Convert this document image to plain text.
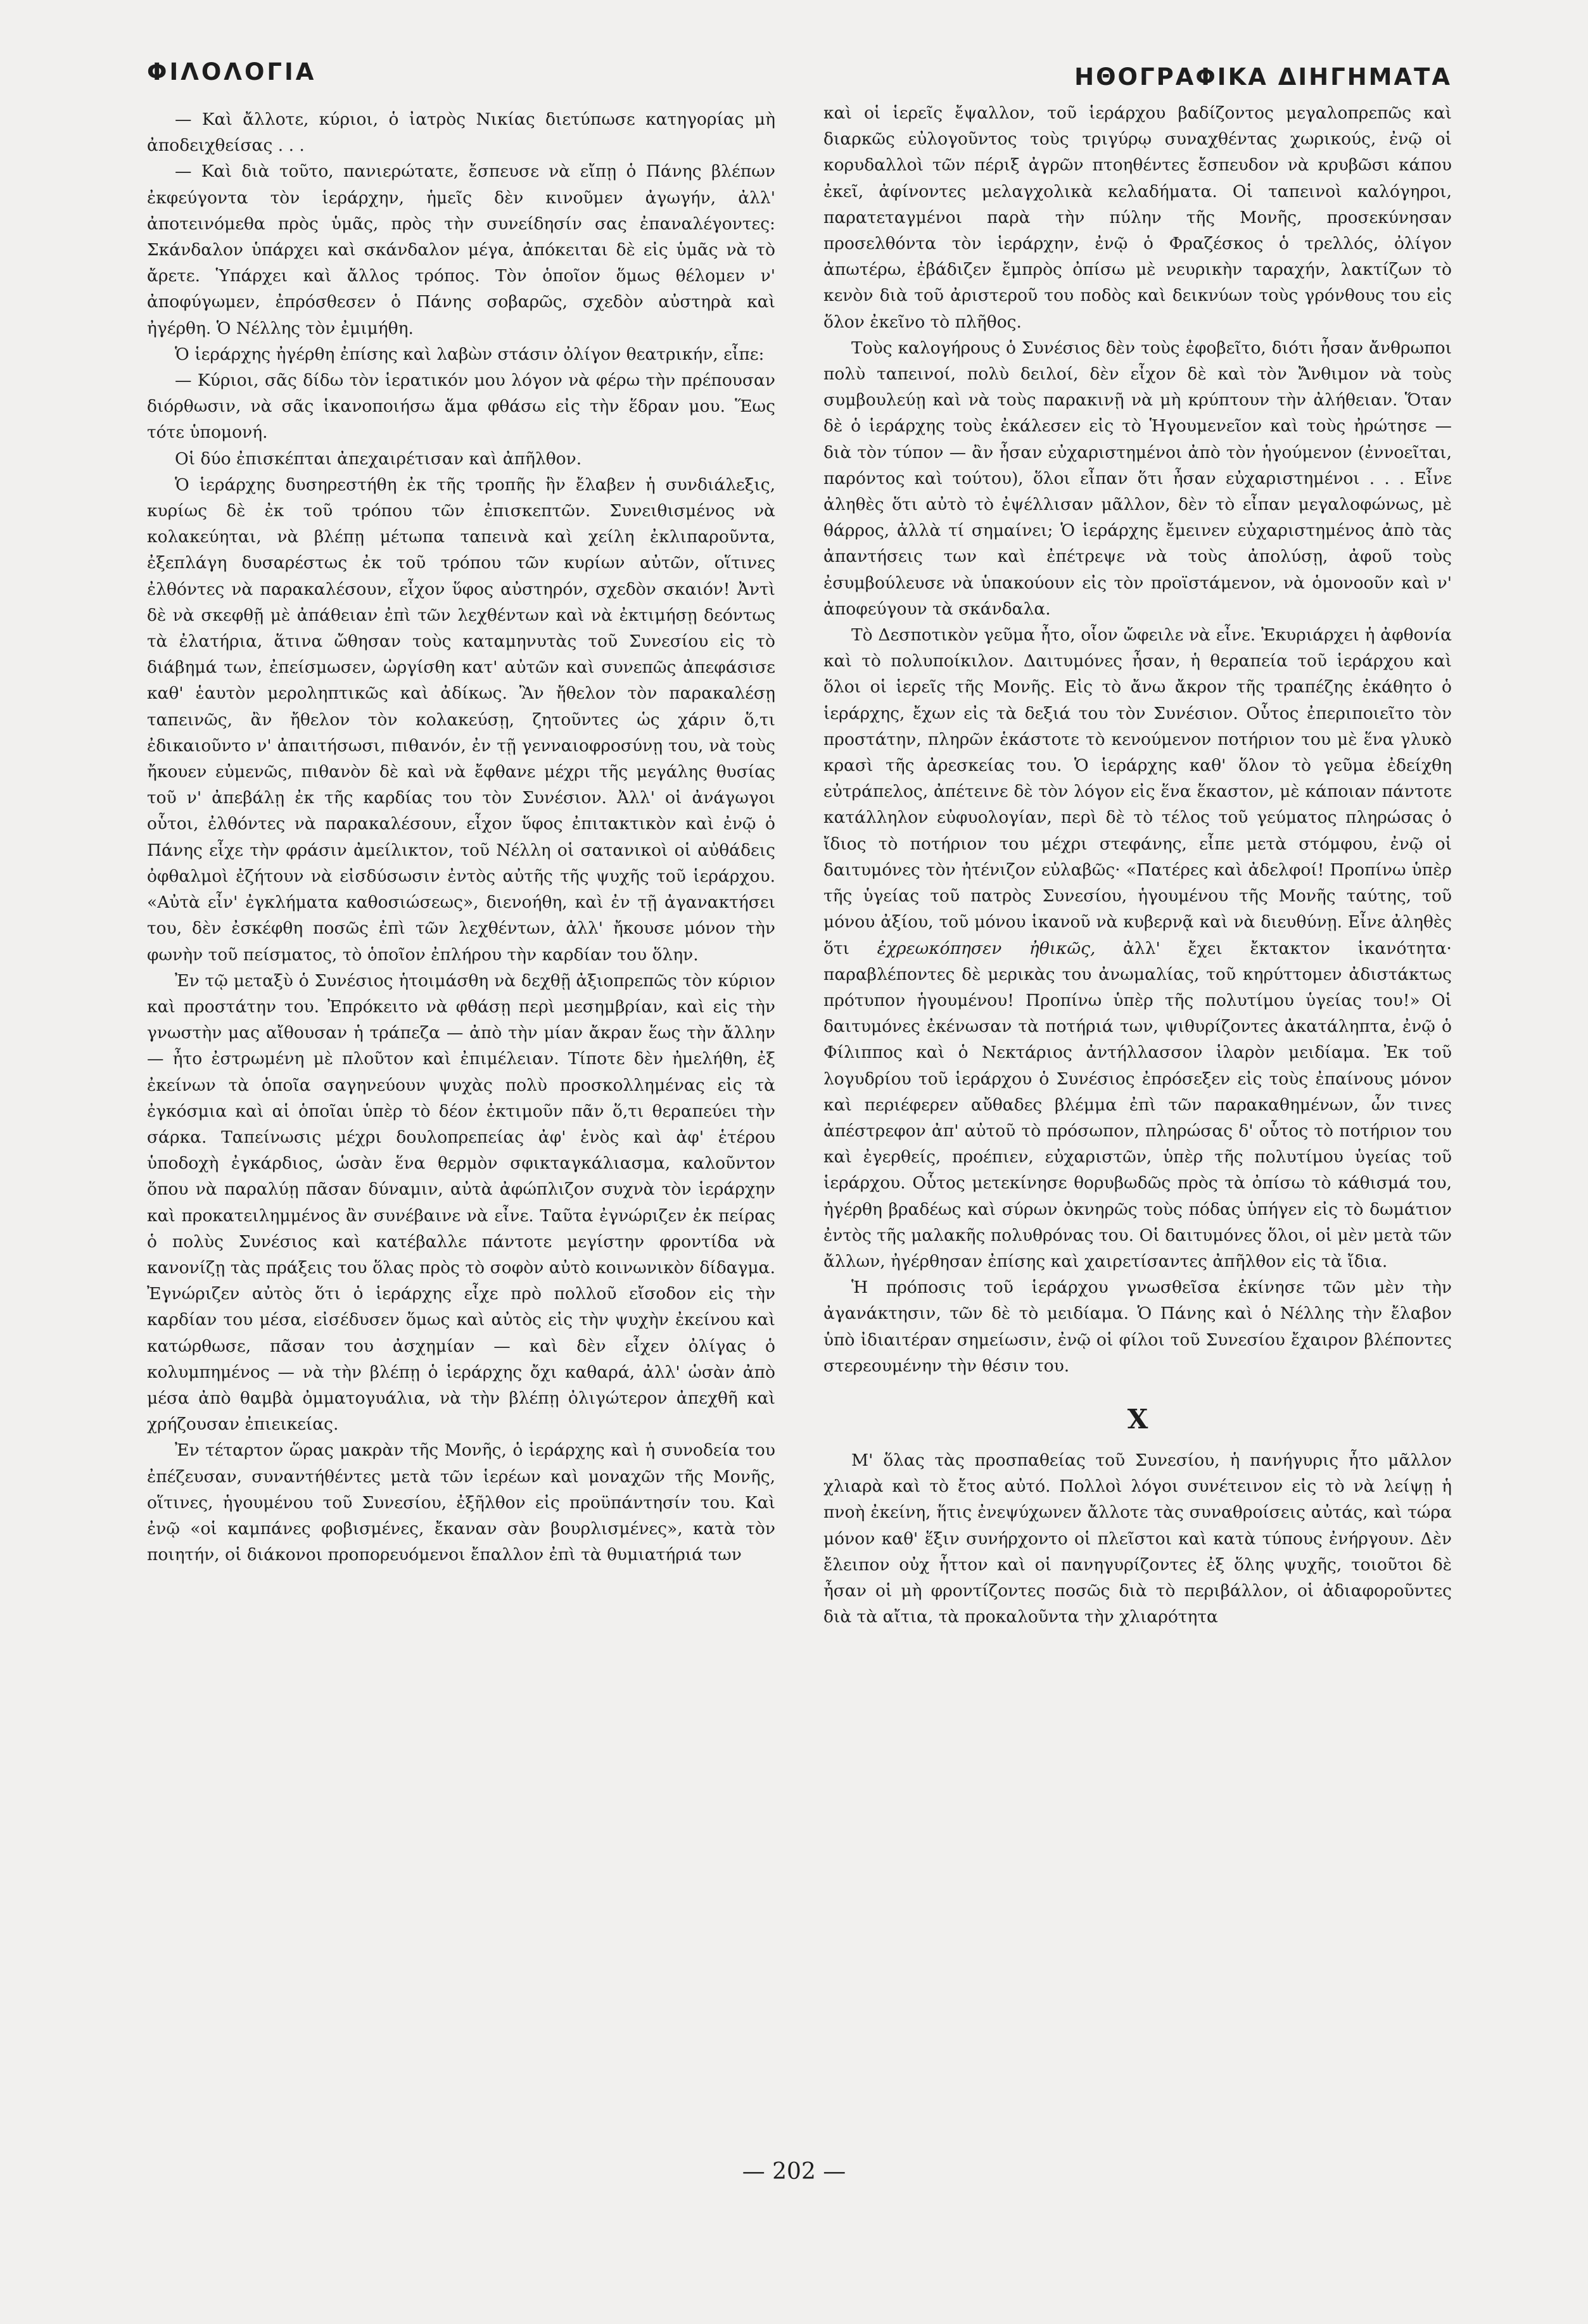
ΦΙΛΟΛΟΓΙΑ	ΗΘΟΓΡΑΦΙΚΑ ΔΙΗΓΗΜΑΤΑ

— Καὶ ἄλλοτε, κύριοι, ὁ ἰατρὸς Νικίας διετύπωσε κατηγορίας μὴ ἀποδειχθείσας . . .

— Καὶ διὰ τοῦτο, πανιερώτατε, ἔσπευσε νὰ εἴπῃ ὁ Πάνης βλέπων ἐκφεύγοντα τὸν ἱεράρχην, ἡμεῖς δὲν κινοῦμεν ἀγωγήν, ἀλλ' ἀποτεινόμεθα πρὸς ὑμᾶς, πρὸς τὴν συνείδησίν σας ἐπαναλέγοντες: Σκάνδαλον ὑπάρχει καὶ σκάνδαλον μέγα, ἀπόκειται δὲ εἰς ὑμᾶς νὰ τὸ ἄρετε. Ὑπάρχει καὶ ἄλλος τρόπος. Τὸν ὁποῖον ὅμως θέλομεν ν' ἀποφύγωμεν, ἐπρόσθεσεν ὁ Πάνης σοβαρῶς, σχεδὸν αὐστηρὰ καὶ ἠγέρθη. Ὁ Νέλλης τὸν ἐμιμήθη.

Ὁ ἱεράρχης ἠγέρθη ἐπίσης καὶ λαβὼν στάσιν ὀλίγον θεατρικήν, εἶπε:

— Κύριοι, σᾶς δίδω τὸν ἱερατικόν μου λόγον νὰ φέρω τὴν πρέπουσαν διόρθωσιν, νὰ σᾶς ἱκανοποιήσω ἅμα φθάσω εἰς τὴν ἕδραν μου. Ἕως τότε ὑπομονή.

Οἱ δύο ἐπισκέπται ἀπεχαιρέτισαν καὶ ἀπῆλθον.

Ὁ ἱεράρχης δυσηρεστήθη ἐκ τῆς τροπῆς ἣν ἔλαβεν ἡ συνδιάλεξις, κυρίως δὲ ἐκ τοῦ τρόπου τῶν ἐπισκεπτῶν. Συνειθισμένος νὰ κολακεύηται, νὰ βλέπῃ μέτωπα ταπεινὰ καὶ χείλη ἐκλιπαροῦντα, ἐξεπλάγη δυσαρέστως ἐκ τοῦ τρόπου τῶν κυρίων αὐτῶν, οἵτινες ἐλθόντες νὰ παρακαλέσουν, εἶχον ὕφος αὐστηρόν, σχεδὸν σκαιόν! Ἀντὶ δὲ νὰ σκεφθῇ μὲ ἀπάθειαν ἐπὶ τῶν λεχθέντων καὶ νὰ ἐκτιμήσῃ δεόντως τὰ ἐλατήρια, ἅτινα ὤθησαν τοὺς καταμηνυτὰς τοῦ Συνεσίου εἰς τὸ διάβημά των, ἐπείσμωσεν, ὠργίσθη κατ' αὐτῶν καὶ συνεπῶς ἀπεφάσισε καθ' ἑαυτὸν μεροληπτικῶς καὶ ἀδίκως. Ἂν ἤθελον τὸν παρακαλέσῃ ταπεινῶς, ἂν ἤθελον τὸν κολακεύσῃ, ζητοῦντες ὡς χάριν ὅ,τι ἐδικαιοῦντο ν' ἀπαιτήσωσι, πιθανόν, ἐν τῇ γενναιοφροσύνῃ του, νὰ τοὺς ἤκουεν εὐμενῶς, πιθανὸν δὲ καὶ νὰ ἔφθανε μέχρι τῆς μεγάλης θυσίας τοῦ ν' ἀπεβάλῃ ἐκ τῆς καρδίας του τὸν Συνέσιον. Ἀλλ' οἱ ἀνάγωγοι οὗτοι, ἐλθόντες νὰ παρακαλέσουν, εἶχον ὕφος ἐπιτακτικὸν καὶ ἐνῷ ὁ Πάνης εἶχε τὴν φράσιν ἀμείλικτον, τοῦ Νέλλη οἱ σατανικοὶ οἱ αὐθάδεις ὀφθαλμοὶ ἐζήτουν νὰ εἰσδύσωσιν ἐντὸς αὐτῆς τῆς ψυχῆς τοῦ ἱεράρχου. «Αὐτὰ εἶν' ἐγκλήματα καθοσιώσεως», διενοήθη, καὶ ἐν τῇ ἀγανακτήσει του, δὲν ἐσκέφθη ποσῶς ἐπὶ τῶν λεχθέντων, ἀλλ' ἤκουσε μόνον τὴν φωνὴν τοῦ πείσματος, τὸ ὁποῖον ἐπλήρου τὴν καρδίαν του ὅλην.

Ἐν τῷ μεταξὺ ὁ Συνέσιος ἡτοιμάσθη νὰ δεχθῇ ἀξιοπρεπῶς τὸν κύριον καὶ προστάτην του. Ἐπρόκειτο νὰ φθάσῃ περὶ μεσημβρίαν, καὶ εἰς τὴν γνωστὴν μας αἴθουσαν ἡ τράπεζα — ἀπὸ τὴν μίαν ἄκραν ἕως τὴν ἄλλην — ἦτο ἐστρωμένη μὲ πλοῦτον καὶ ἐπιμέλειαν. Τίποτε δὲν ἠμελήθη, ἐξ ἐκείνων τὰ ὁποῖα σαγηνεύουν ψυχὰς πολὺ προσκολλημένας εἰς τὰ ἐγκόσμια καὶ αἱ ὁποῖαι ὑπὲρ τὸ δέον ἐκτιμοῦν πᾶν ὅ,τι θεραπεύει τὴν σάρκα. Ταπείνωσις μέχρι δουλοπρεπείας ἀφ' ἑνὸς καὶ ἀφ' ἑτέρου ὑποδοχὴ ἐγκάρδιος, ὡσὰν ἕνα θερμὸν σφικταγκάλιασμα, καλοῦντον ὅπου νὰ παραλύῃ πᾶσαν δύναμιν, αὐτὰ ἀφώπλιζον συχνὰ τὸν ἱεράρχην καὶ προκατειλημμένος ἂν συνέβαινε νὰ εἶνε. Ταῦτα ἐγνώριζεν ἐκ πείρας ὁ πολὺς Συνέσιος καὶ κατέβαλλε πάντοτε μεγίστην φροντίδα νὰ κανονίζῃ τὰς πράξεις του ὅλας πρὸς τὸ σοφὸν αὐτὸ κοινωνικὸν δίδαγμα. Ἐγνώριζεν αὐτὸς ὅτι ὁ ἱεράρχης εἶχε πρὸ πολλοῦ εἴσοδον εἰς τὴν καρδίαν του μέσα, εἰσέδυσεν ὅμως καὶ αὐτὸς εἰς τὴν ψυχὴν ἐκείνου καὶ κατώρθωσε, πᾶσαν του ἀσχημίαν — καὶ δὲν εἶχεν ὀλίγας ὁ κολυμπημένος — νὰ τὴν βλέπῃ ὁ ἱεράρχης ὄχι καθαρά, ἀλλ' ὡσὰν ἀπὸ μέσα ἀπὸ θαμβὰ ὀμματογυάλια, νὰ τὴν βλέπῃ ὀλιγώτερον ἀπεχθῆ καὶ χρήζουσαν ἐπιεικείας.

Ἐν τέταρτον ὥρας μακρὰν τῆς Μονῆς, ὁ ἱεράρχης καὶ ἡ συνοδεία του ἐπέζευσαν, συναντήθέντες μετὰ τῶν ἱερέων καὶ μοναχῶν τῆς Μονῆς, οἵτινες, ἡγουμένου τοῦ Συνεσίου, ἐξῆλθον εἰς προϋπάντησίν του. Καὶ ἐνῷ «οἱ καμπάνες φοβισμένες, ἔκαναν σὰν βουρλισμένες», κατὰ τὸν ποιητήν, οἱ διάκονοι προπορευόμενοι ἔπαλλον ἐπὶ τὰ θυμιατήριά των

καὶ οἱ ἱερεῖς ἔψαλλον, τοῦ ἱεράρχου βαδίζοντος μεγαλοπρεπῶς καὶ διαρκῶς εὐλογοῦντος τοὺς τριγύρῳ συναχθέντας χωρικούς, ἐνῷ οἱ κορυδαλλοὶ τῶν πέριξ ἀγρῶν πτοηθέντες ἔσπευδον νὰ κρυβῶσι κάπου ἐκεῖ, ἀφίνοντες μελαγχολικὰ κελαδήματα. Οἱ ταπεινοὶ καλόγηροι, παρατεταγμένοι παρὰ τὴν πύλην τῆς Μονῆς, προσεκύνησαν προσελθόντα τὸν ἱεράρχην, ἐνῷ ὁ Φραζέσκος ὁ τρελλός, ὀλίγον ἀπωτέρω, ἐβάδιζεν ἔμπρὸς ὀπίσω μὲ νευρικὴν ταραχήν, λακτίζων τὸ κενὸν διὰ τοῦ ἀριστεροῦ του ποδὸς καὶ δεικνύων τοὺς γρόνθους του εἰς ὅλον ἐκεῖνο τὸ πλῆθος.

Τοὺς καλογήρους ὁ Συνέσιος δὲν τοὺς ἐφοβεῖτο, διότι ἦσαν ἄνθρωποι πολὺ ταπεινοί, πολὺ δειλοί, δὲν εἶχον δὲ καὶ τὸν Ἄνθιμον νὰ τοὺς συμβουλεύῃ καὶ νὰ τοὺς παρακινῇ νὰ μὴ κρύπτουν τὴν ἀλήθειαν. Ὅταν δὲ ὁ ἱεράρχης τοὺς ἐκάλεσεν εἰς τὸ Ἡγουμενεῖον καὶ τοὺς ἠρώτησε — διὰ τὸν τύπον — ἂν ἦσαν εὐχαριστημένοι ἀπὸ τὸν ἡγούμενον (ἐννοεῖται, παρόντος καὶ τούτου), ὅλοι εἶπαν ὅτι ἦσαν εὐχαριστημένοι . . . Εἶνε ἀληθὲς ὅτι αὐτὸ τὸ ἐψέλλισαν μᾶλλον, δὲν τὸ εἶπαν μεγαλοφώνως, μὲ θάρρος, ἀλλὰ τί σημαίνει; Ὁ ἱεράρχης ἔμεινεν εὐχαριστημένος ἀπὸ τὰς ἀπαντήσεις των καὶ ἐπέτρεψε νὰ τοὺς ἀπολύσῃ, ἀφοῦ τοὺς ἐσυμβούλευσε νὰ ὑπακούουν εἰς τὸν προϊστάμενον, νὰ ὁμονοοῦν καὶ ν' ἀποφεύγουν τὰ σκάνδαλα.

Τὸ Δεσποτικὸν γεῦμα ἦτο, οἷον ὤφειλε νὰ εἶνε. Ἐκυριάρχει ἡ ἀφθονία καὶ τὸ πολυποίκιλον. Δαιτυμόνες ἦσαν, ἡ θεραπεία τοῦ ἱεράρχου καὶ ὅλοι οἱ ἱερεῖς τῆς Μονῆς. Εἰς τὸ ἄνω ἄκρον τῆς τραπέζης ἐκάθητο ὁ ἱεράρχης, ἔχων εἰς τὰ δεξιά του τὸν Συνέσιον. Οὗτος ἐπεριποιεῖτο τὸν προστάτην, πληρῶν ἑκάστοτε τὸ κενούμενον ποτήριον του μὲ ἕνα γλυκὸ κρασὶ τῆς ἀρεσκείας του. Ὁ ἱεράρχης καθ' ὅλον τὸ γεῦμα ἐδείχθη εὐτράπελος, ἀπέτεινε δὲ τὸν λόγον εἰς ἕνα ἕκαστον, μὲ κάποιαν πάντοτε κατάλληλον εὐφυολογίαν, περὶ δὲ τὸ τέλος τοῦ γεύματος πληρώσας ὁ ἴδιος τὸ ποτήριον του μέχρι στεφάνης, εἶπε μετὰ στόμφου, ἐνῷ οἱ δαιτυμόνες τὸν ἠτένιζον εὐλαβῶς· «Πατέρες καὶ ἀδελφοί! Προπίνω ὑπὲρ τῆς ὑγείας τοῦ πατρὸς Συνεσίου, ἡγουμένου τῆς Μονῆς ταύτης, τοῦ μόνου ἀξίου, τοῦ μόνου ἱκανοῦ νὰ κυβερνᾷ καὶ νὰ διευθύνῃ. Εἶνε ἀληθὲς ὅτι ἐχρεωκόπησεν ἠθικῶς, ἀλλ' ἔχει ἔκτακτον ἱκανότητα· παραβλέποντες δὲ μερικὰς του ἀνωμαλίας, τοῦ κηρύττομεν ἀδιστάκτως πρότυπον ἡγουμένου! Προπίνω ὑπὲρ τῆς πολυτίμου ὑγείας του!» Οἱ δαιτυμόνες ἐκένωσαν τὰ ποτήριά των, ψιθυρίζοντες ἀκατάληπτα, ἐνῷ ὁ Φίλιππος καὶ ὁ Νεκτάριος ἀντήλλασσον ἱλαρὸν μειδίαμα. Ἐκ τοῦ λογυδρίου τοῦ ἱεράρχου ὁ Συνέσιος ἐπρόσεξεν εἰς τοὺς ἐπαίνους μόνον καὶ περιέφερεν αὔθαδες βλέμμα ἐπὶ τῶν παρακαθημένων, ὧν τινες ἀπέστρεφον ἀπ' αὐτοῦ τὸ πρόσωπον, πληρώσας δ' οὗτος τὸ ποτήριον του καὶ ἐγερθείς, προέπιεν, εὐχαριστῶν, ὑπὲρ τῆς πολυτίμου ὑγείας τοῦ ἱεράρχου. Οὗτος μετεκίνησε θορυβωδῶς πρὸς τὰ ὀπίσω τὸ κάθισμά του, ἠγέρθη βραδέως καὶ σύρων ὀκνηρῶς τοὺς πόδας ὑπήγεν εἰς τὸ δωμάτιον ἐντὸς τῆς μαλακῆς πολυθρόνας του. Οἱ δαιτυμόνες ὅλοι, οἱ μὲν μετὰ τῶν ἄλλων, ἠγέρθησαν ἐπίσης καὶ χαιρετίσαντες ἀπῆλθον εἰς τὰ ἴδια.

Ἡ πρόποσις τοῦ ἱεράρχου γνωσθεῖσα ἐκίνησε τῶν μὲν τὴν ἀγανάκτησιν, τῶν δὲ τὸ μειδίαμα. Ὁ Πάνης καὶ ὁ Νέλλης τὴν ἔλαβον ὑπὸ ἰδιαιτέραν σημείωσιν, ἐνῷ οἱ φίλοι τοῦ Συνεσίου ἔχαιρον βλέποντες στερεουμένην τὴν θέσιν του.

Χ

Μ' ὅλας τὰς προσπαθείας τοῦ Συνεσίου, ἡ πανήγυρις ἦτο μᾶλλον χλιαρὰ καὶ τὸ ἔτος αὐτό. Πολλοὶ λόγοι συνέτεινον εἰς τὸ νὰ λείψῃ ἡ πνοὴ ἐκείνη, ἥτις ἐνεψύχωνεν ἄλλοτε τὰς συναθροίσεις αὐτάς, καὶ τώρα μόνον καθ' ἕξιν συνήρχοντο οἱ πλεῖστοι καὶ κατὰ τύπους ἐνήργουν. Δὲν ἔλειπον οὐχ ἧττον καὶ οἱ πανηγυρίζοντες ἐξ ὅλης ψυχῆς, τοιοῦτοι δὲ ἦσαν οἱ μὴ φροντίζοντες ποσῶς διὰ τὸ περιβάλλον, οἱ ἀδιαφοροῦντες διὰ τὰ αἴτια, τὰ προκαλοῦντα τὴν χλιαρότητα

— 202 —
